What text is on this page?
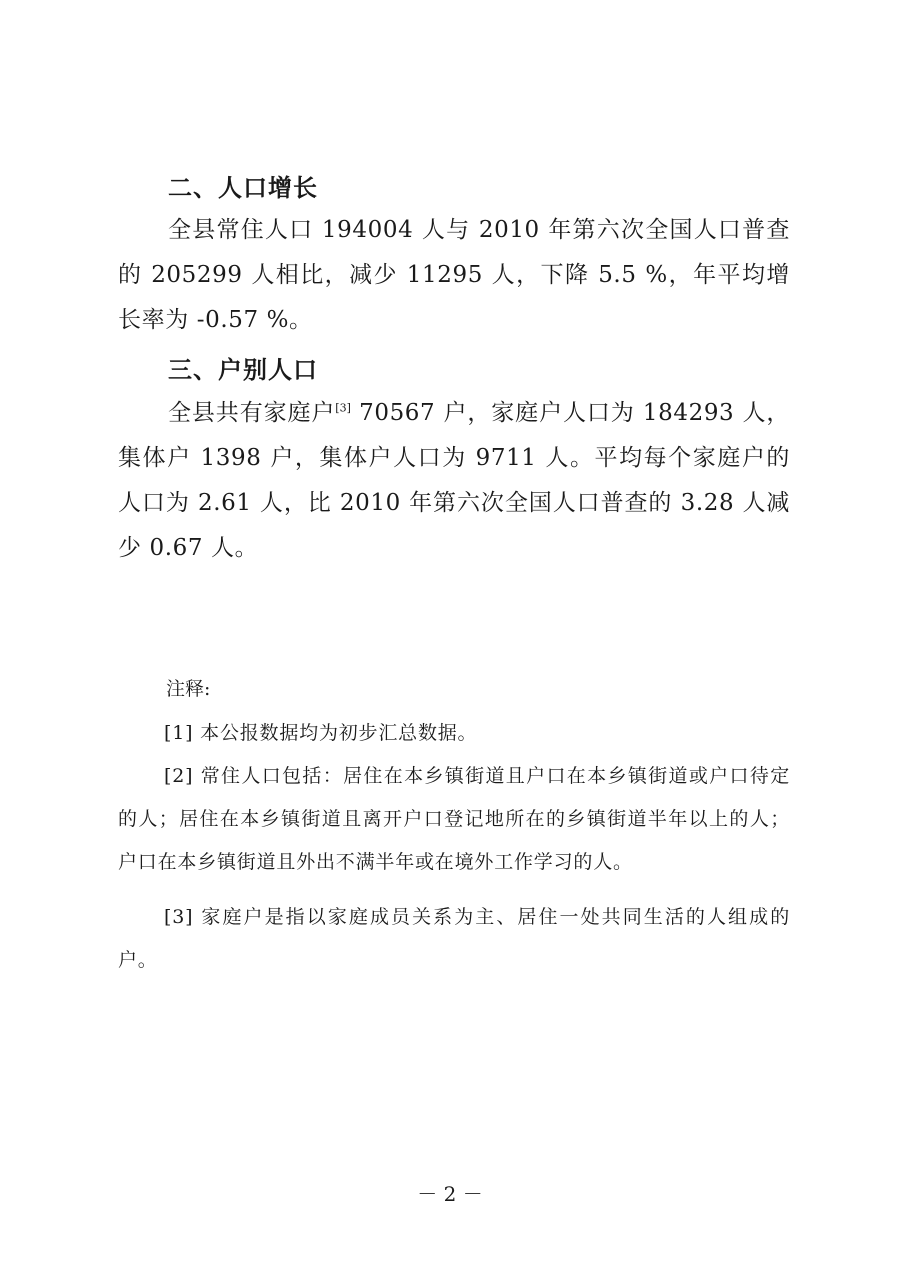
二、人口增长

全县常住人口 194004 人与 2010 年第六次全国人口普查的 205299 人相比，减少 11295 人，下降 5.5 %，年平均增长率为 -0.57 %。

三、户别人口

全县共有家庭户[3] 70567 户，家庭户人口为 184293 人，集体户 1398 户，集体户人口为 9711 人。平均每个家庭户的人口为 2.61 人，比 2010 年第六次全国人口普查的 3.28 人减少 0.67 人。

注释:

[1] 本公报数据均为初步汇总数据。

[2] 常住人口包括：居住在本乡镇街道且户口在本乡镇街道或户口待定的人；居住在本乡镇街道且离开户口登记地所在的乡镇街道半年以上的人；户口在本乡镇街道且外出不满半年或在境外工作学习的人。

[3] 家庭户是指以家庭成员关系为主、居住一处共同生活的人组成的户。

－ 2 －
